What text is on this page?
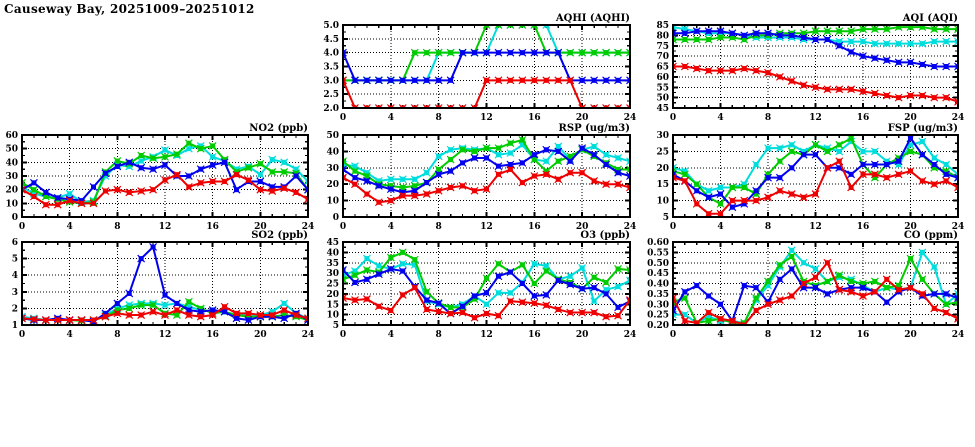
Causeway Bay, 20251009–20251012
2.0
2.5
3.0
3.5
4.0
4.5
5.0
0	4	8	12	16	20	24
AQHI (AQHI)
45
50
55
60
65
70
75
80
85
0	4	8	12	16	20	24
AQI (AQI)
0
10
20
30
40
50
60
0	4	8	12	16	20	24
NO2 (ppb)
0
10
20
30
40
50
0	4	8	12	16	20	24
RSP (ug/m3)
5
10
15
20
25
30
0	4	8	12	16	20	24
FSP (ug/m3)
1
2
3
4
5
6
0	4	8	12	16	20	24
SO2 (ppb)
5
10
15
20
25
30
35
40
45
0	4	8	12	16	20	24
O3 (ppb)
0.20
0.25
0.30
0.35
0.40
0.45
0.50
0.55
0.60
0	4	8	12	16	20	24
CO (ppm)
